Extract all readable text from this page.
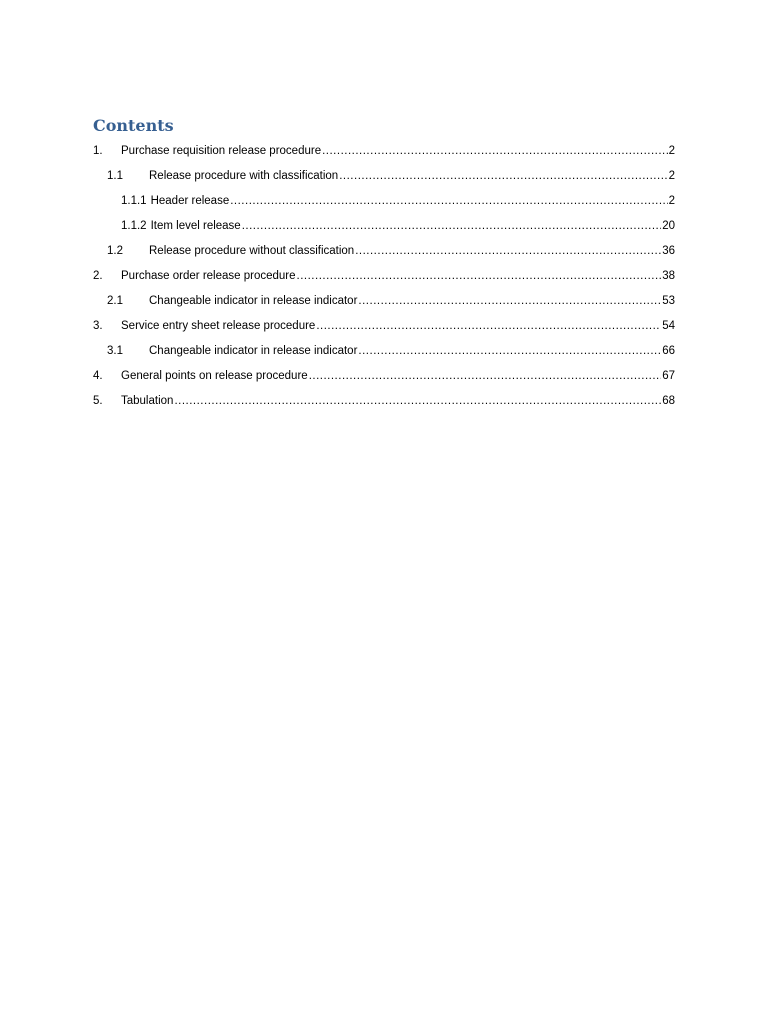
Contents
1.	Purchase requisition release procedure .....	2
1.1	Release procedure with classification .....	2
1.1.1 Header release .....	2
1.1.2 Item level release .....	20
1.2	Release procedure without classification .....	36
2.	Purchase order release procedure .....	38
2.1	Changeable indicator in release indicator .....	53
3.	Service entry sheet release procedure .....	54
3.1	Changeable indicator in release indicator .....	66
4.	General points on release procedure .....	67
5.	Tabulation .....	68
